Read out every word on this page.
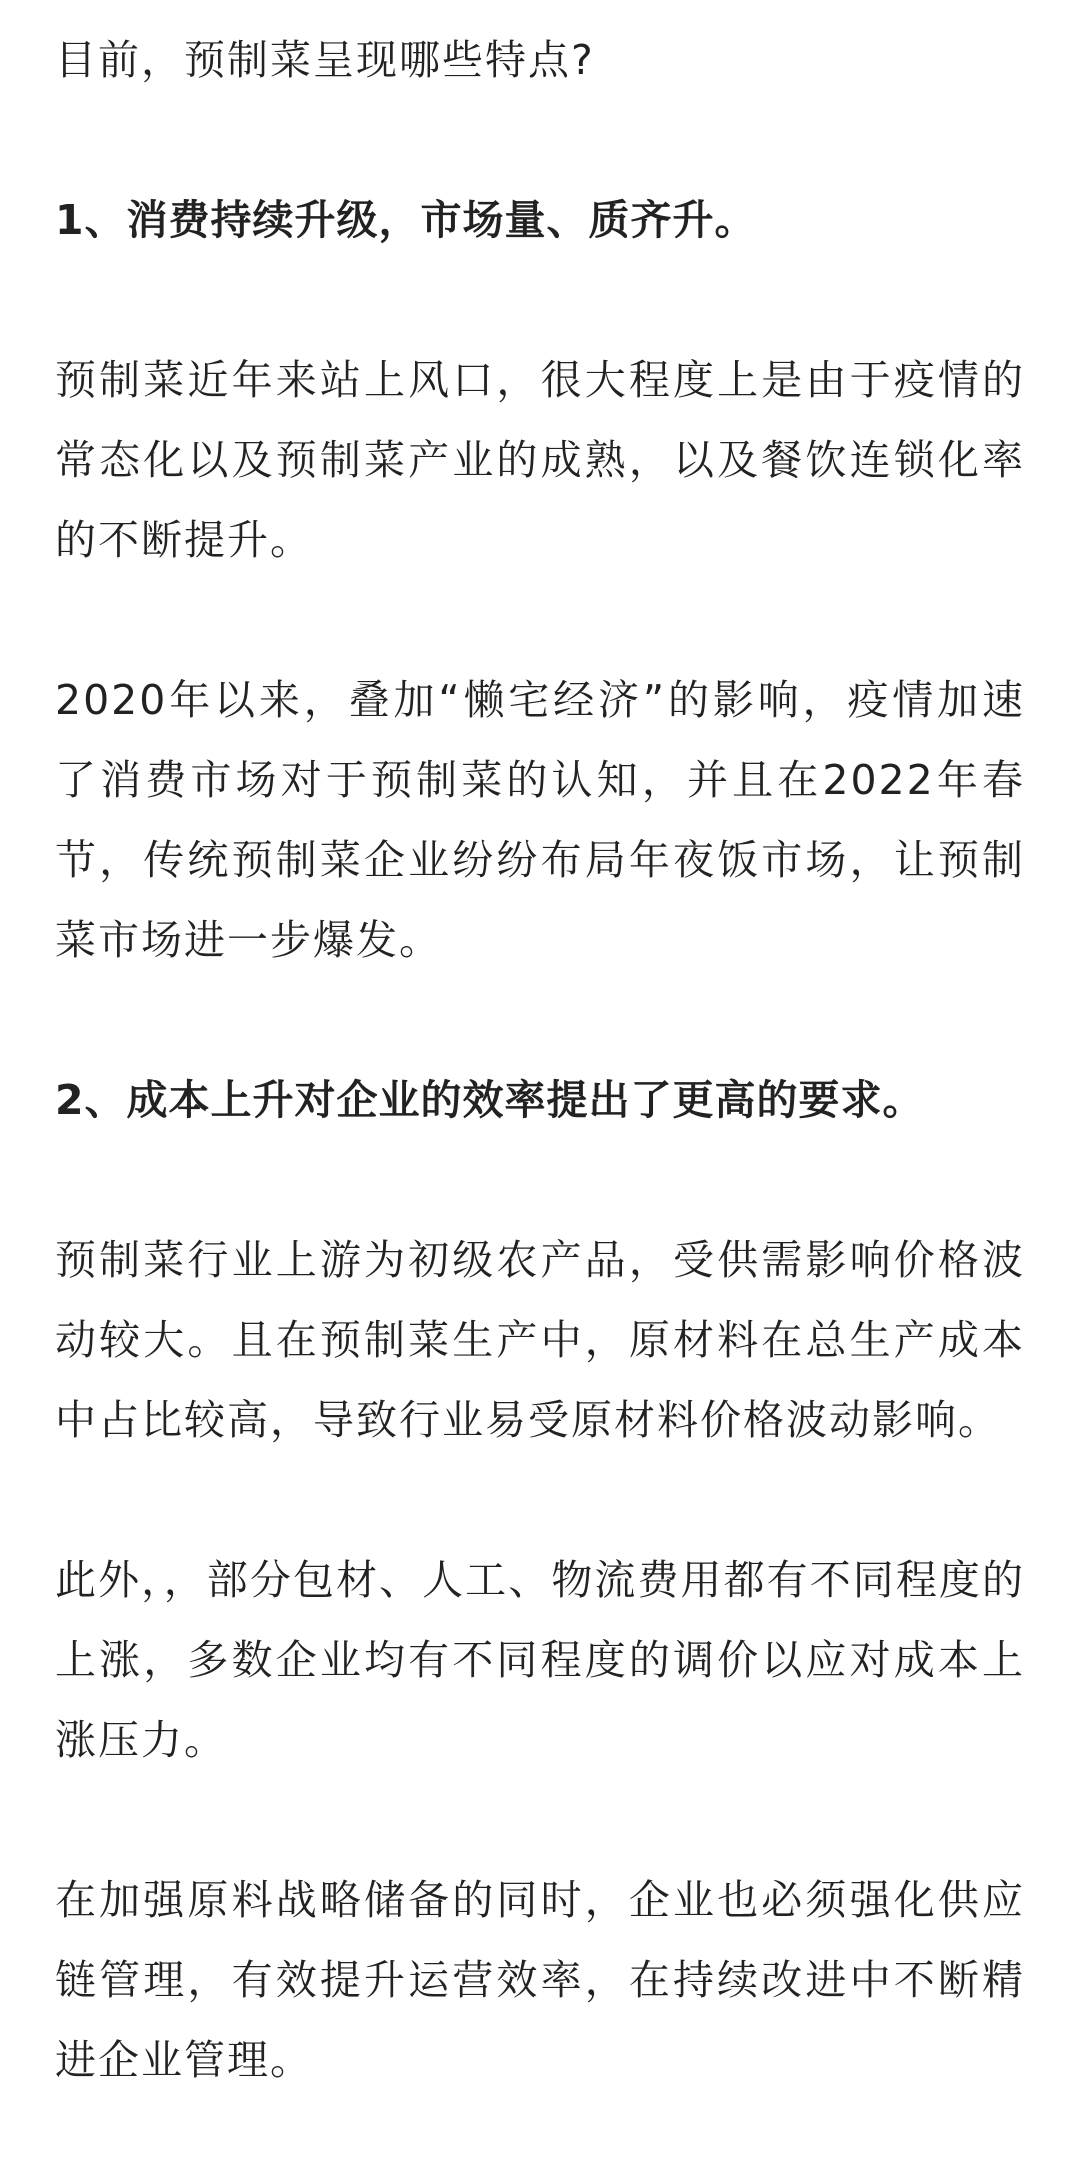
目前，预制菜呈现哪些特点?

1、消费持续升级，市场量、质齐升。

预制菜近年来站上风口，很大程度上是由于疫情的常态化以及预制菜产业的成熟，以及餐饮连锁化率的不断提升。

2020年以来，叠加“懒宅经济”的影响，疫情加速了消费市场对于预制菜的认知，并且在2022年春节，传统预制菜企业纷纷布局年夜饭市场，让预制菜市场进一步爆发。

2、成本上升对企业的效率提出了更高的要求。

预制菜行业上游为初级农产品，受供需影响价格波动较大。且在预制菜生产中，原材料在总生产成本中占比较高，导致行业易受原材料价格波动影响。

此外，，部分包材、人工、物流费用都有不同程度的上涨，多数企业均有不同程度的调价以应对成本上涨压力。

在加强原料战略储备的同时，企业也必须强化供应链管理，有效提升运营效率，在持续改进中不断精进企业管理。
